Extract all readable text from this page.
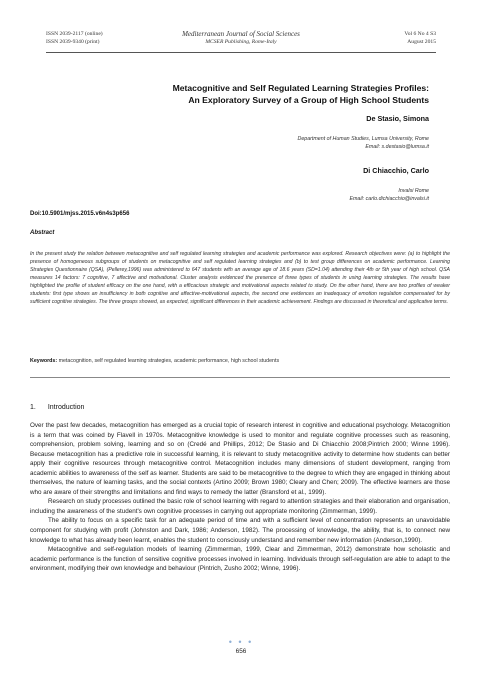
ISSN 2039-2117 (online)
ISSN 2039-9340 (print)
Mediterranean Journal of Social Sciences
MCSER Publishing, Rome-Italy
Vol 6 No 4 S3
August 2015
Metacognitive and Self Regulated Learning Strategies Profiles:
An Exploratory Survey of a Group of High School Students
De Stasio, Simona
Department of Human Studies, Lumsa University, Rome
Email: s.destasio@lumsa.it
Di Chiacchio, Carlo
Invalsi Rome
Email: carlo.dichiacchio@invalsi.it
Doi:10.5901/mjss.2015.v6n4s3p656
Abstract

In the present study the relation between metacognitive and self regulated learning strategies and academic performance was explored. Research objectives were: (a) to highlight the presence of homogeneous subgroups of students on metacognitive and self regulated learning strategies and (b) to test group differences on academic performance. Learning Strategies Questionnaire (QSA), (Pellerey,1996) was administered to 647 students with an average age of 18.6 years (SD=1.04) attending their 4th or 5th year of high school. QSA measures 14 factors: 7 cognitive, 7 affective and motivational. Cluster analysis evidenced the presence of three types of students in using learning strategies. The results have highlighted the profile of student efficacy on the one hand, with a efficacious strategic and motivational aspects related to study. On the other hand, there are two profiles of weaker students: first type shows an insufficiency in both cognitive and affective-motivational aspects, the second one evidences an inadequacy of emotion regulation compensated for by sufficient cognitive strategies. The three groups showed, as expected, significant differences in their academic achievement. Findings are discussed in theoretical and applicative terms.

Keywords: metacognition, self regulated learning strategies, academic performance, high school students

1. Introduction

Over the past few decades, metacognition has emerged as a crucial topic of research interest in cognitive and educational psychology. Metacognition is a term that was coined by Flavell in 1970s. Metacognitive knowledge is used to monitor and regulate cognitive processes such as reasoning, comprehension, problem solving, learning and so on (Credé and Phillips, 2012; De Stasio and Di Chiacchio 2008;Pintrich 2000; Winne 1996). Because metacognition has a predictive role in successful learning, it is relevant to study metacognitive activity to determine how students can better apply their cognitive resources through metacognitive control. Metacognition includes many dimensions of student development, ranging from academic abilities to awareness of the self as learner. Students are said to be metacognitive to the degree to which they are engaged in thinking about themselves, the nature of learning tasks, and the social contexts (Artino 2009; Brown 1980; Cleary and Chen; 2009). The effective learners are those who are aware of their strengths and limitations and find ways to remedy the latter (Bransford et al., 1999).

Research on study processes outlined the basic role of school learning with regard to attention strategies and their elaboration and organisation, including the awareness of the student's own cognitive processes in carrying out appropriate monitoring (Zimmerman, 1999).

The ability to focus on a specific task for an adequate period of time and with a sufficient level of concentration represents an unavoidable component for studying with profit (Johnston and Dark, 1986; Anderson, 1982). The processing of knowledge, the ability, that is, to connect new knowledge to what has already been learnt, enables the student to consciously understand and remember new information (Anderson,1990).

Metacognitive and self-regulation models of learning (Zimmerman, 1999, Clear and Zimmerman, 2012) demonstrate how scholastic and academic performance is the function of sensitive cognitive processes involved in learning. Individuals through self-regulation are able to adapt to the environment, modifying their own knowledge and behaviour (Pintrich, Zusho 2002; Winne, 1996).

• • •
656
